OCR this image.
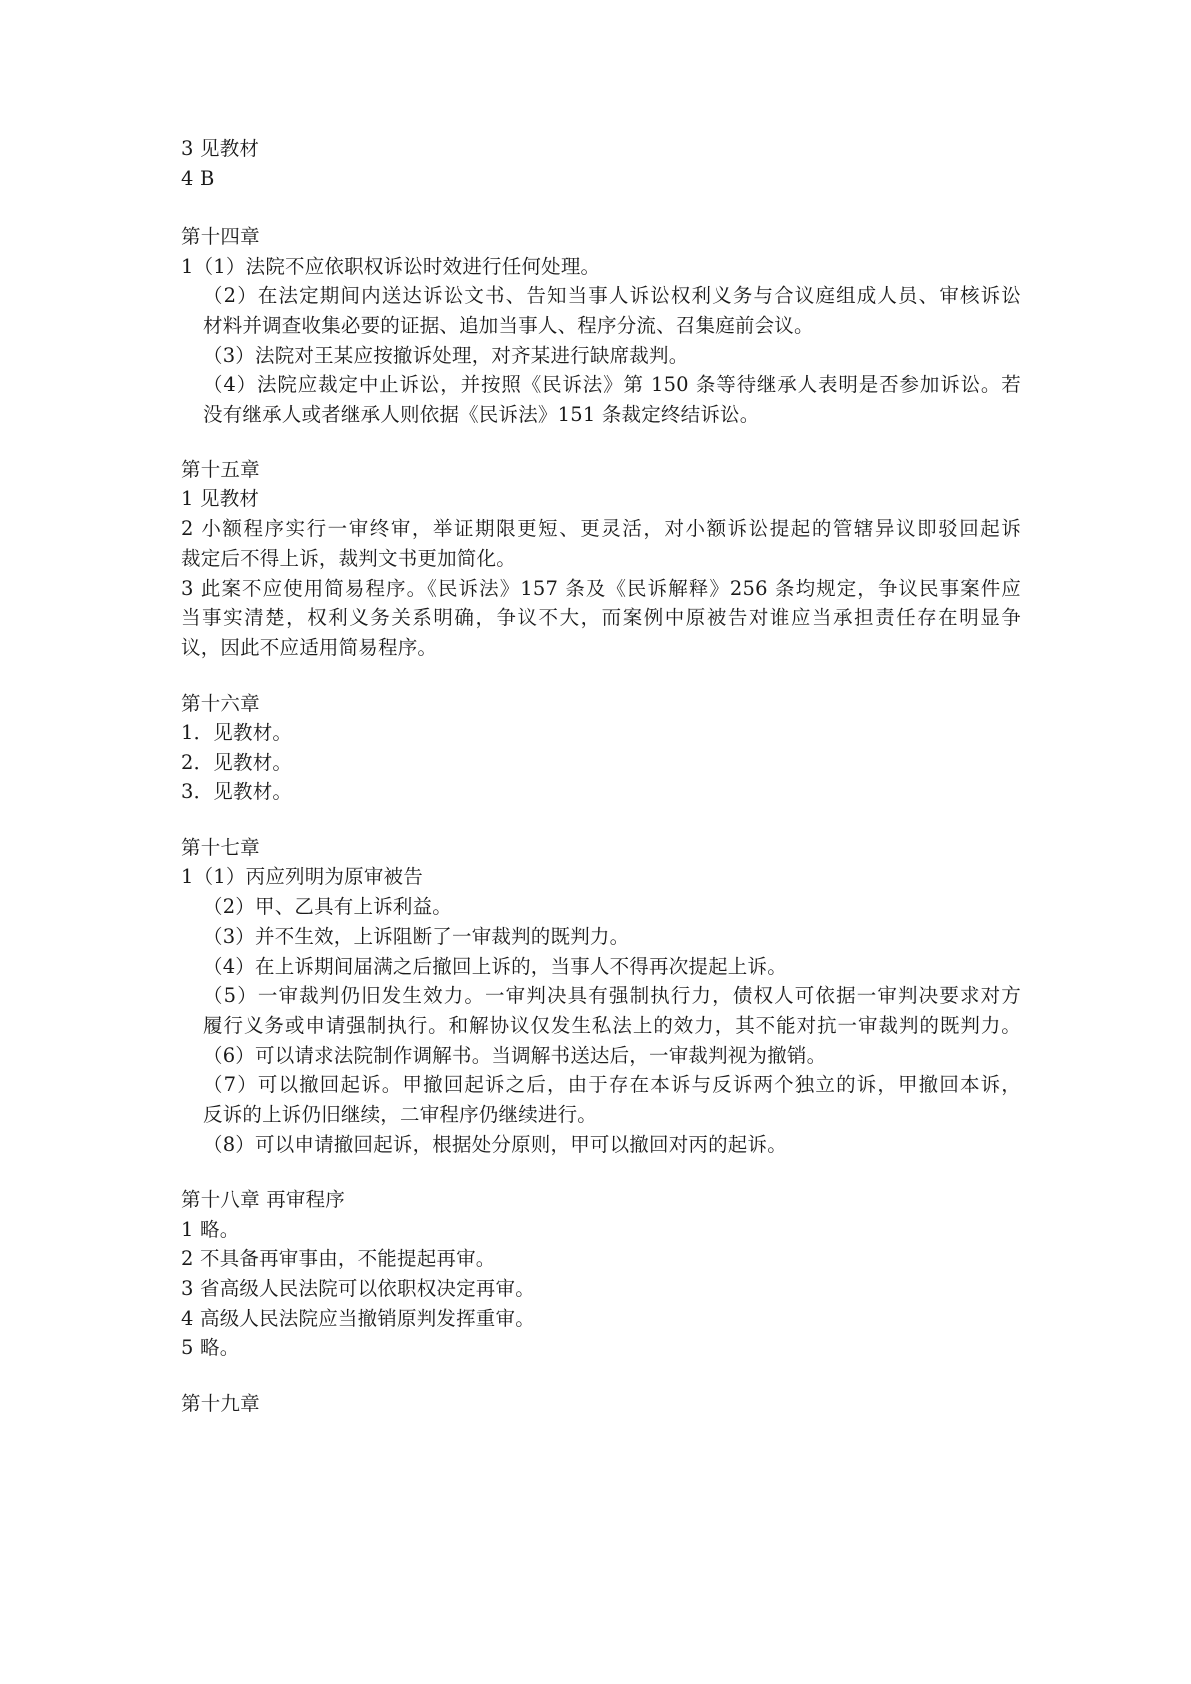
3 见教材
4 B
第十四章
1（1）法院不应依职权诉讼时效进行任何处理。
（2）在法定期间内送达诉讼文书、告知当事人诉讼权利义务与合议庭组成人员、审核诉讼
材料并调查收集必要的证据、追加当事人、程序分流、召集庭前会议。
（3）法院对王某应按撤诉处理，对齐某进行缺席裁判。
（4）法院应裁定中止诉讼，并按照《民诉法》第 150 条等待继承人表明是否参加诉讼。若
没有继承人或者继承人则依据《民诉法》151 条裁定终结诉讼。
第十五章
1 见教材
2 小额程序实行一审终审，举证期限更短、更灵活，对小额诉讼提起的管辖异议即驳回起诉
裁定后不得上诉，裁判文书更加简化。
3 此案不应使用简易程序。《民诉法》157 条及《民诉解释》256 条均规定，争议民事案件应
当事实清楚，权利义务关系明确，争议不大，而案例中原被告对谁应当承担责任存在明显争
议，因此不应适用简易程序。
第十六章
1．见教材。
2．见教材。
3．见教材。
第十七章
1（1）丙应列明为原审被告
（2）甲、乙具有上诉利益。
（3）并不生效，上诉阻断了一审裁判的既判力。
（4）在上诉期间届满之后撤回上诉的，当事人不得再次提起上诉。
（5）一审裁判仍旧发生效力。一审判决具有强制执行力，债权人可依据一审判决要求对方
履行义务或申请强制执行。和解协议仅发生私法上的效力，其不能对抗一审裁判的既判力。
（6）可以请求法院制作调解书。当调解书送达后，一审裁判视为撤销。
（7）可以撤回起诉。甲撤回起诉之后，由于存在本诉与反诉两个独立的诉，甲撤回本诉，
反诉的上诉仍旧继续，二审程序仍继续进行。
（8）可以申请撤回起诉，根据处分原则，甲可以撤回对丙的起诉。
第十八章 再审程序
1 略。
2 不具备再审事由，不能提起再审。
3 省高级人民法院可以依职权决定再审。
4 高级人民法院应当撤销原判发挥重审。
5 略。
第十九章
